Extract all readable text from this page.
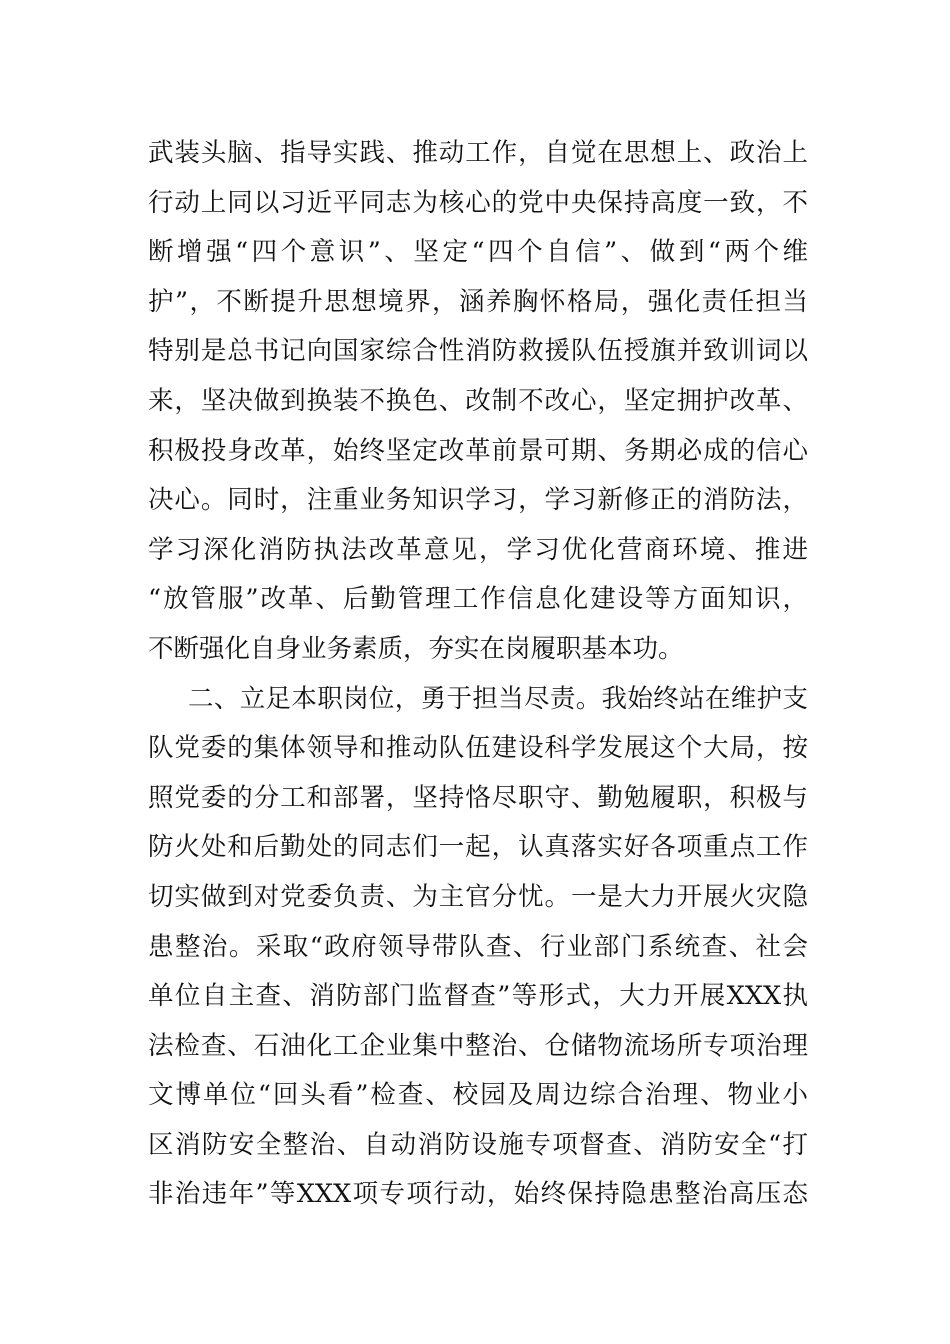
武装头脑、指导实践、推动工作，自觉在思想上、政治上
行动上同以习近平同志为核心的党中央保持高度一致，不
断增强“四个意识”、坚定“四个自信”、做到“两个维
护”，不断提升思想境界，涵养胸怀格局，强化责任担当
特别是总书记向国家综合性消防救援队伍授旗并致训词以
来，坚决做到换装不换色、改制不改心，坚定拥护改革、
积极投身改革，始终坚定改革前景可期、务期必成的信心
决心。同时，注重业务知识学习，学习新修正的消防法，
学习深化消防执法改革意见，学习优化营商环境、推进
“放管服”改革、后勤管理工作信息化建设等方面知识，
不断强化自身业务素质，夯实在岗履职基本功。
二、立足本职岗位，勇于担当尽责。我始终站在维护支
队党委的集体领导和推动队伍建设科学发展这个大局，按
照党委的分工和部署，坚持恪尽职守、勤勉履职，积极与
防火处和后勤处的同志们一起，认真落实好各项重点工作
切实做到对党委负责、为主官分忧。一是大力开展火灾隐
患整治。采取“政府领导带队查、行业部门系统查、社会
单位自主查、消防部门监督查”等形式，大力开展XXX执
法检查、石油化工企业集中整治、仓储物流场所专项治理
文博单位“回头看”检查、校园及周边综合治理、物业小
区消防安全整治、自动消防设施专项督查、消防安全“打
非治违年”等XXX项专项行动，始终保持隐患整治高压态
